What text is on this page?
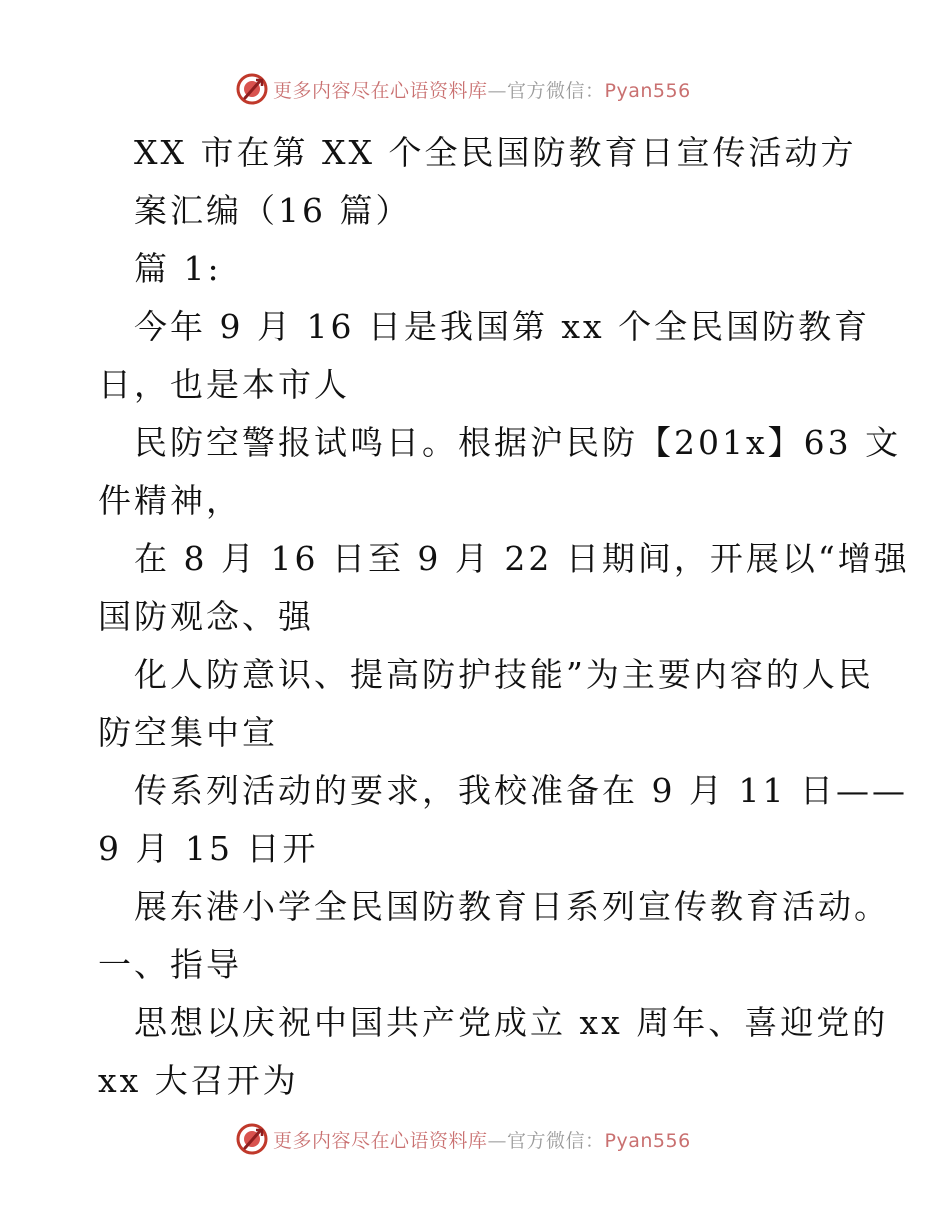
更多内容尽在心语资料库—官方微信：Pyan556

XX 市在第 XX 个全民国防教育日宣传活动方

案汇编（16 篇）

篇 1:

今年 9 月 16 日是我国第 xx 个全民国防教育

日，也是本市人

民防空警报试鸣日。根据沪民防【201x】63 文

件精神，

在 8 月 16 日至 9 月 22 日期间，开展以“增强

国防观念、强

化人防意识、提高防护技能”为主要内容的人民

防空集中宣

传系列活动的要求，我校准备在 9 月 11 日——

9 月 15 日开

展东港小学全民国防教育日系列宣传教育活动。

一、指导

思想以庆祝中国共产党成立 xx 周年、喜迎党的

xx 大召开为

更多内容尽在心语资料库—官方微信：Pyan556
